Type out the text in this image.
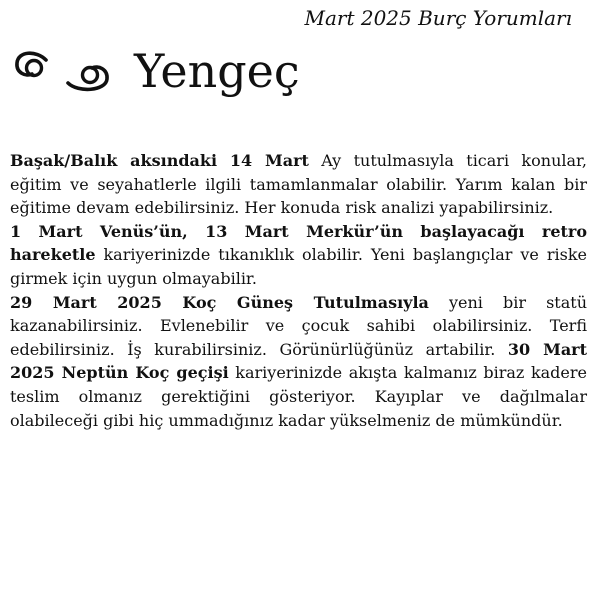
Mart 2025 Burç Yorumları
Yengeç

Başak/Balık aksındaki 14 Mart Ay tutulmasıyla ticari konular, eğitim ve seyahatlerle ilgili tamamlanmalar olabilir. Yarım kalan bir eğitime devam edebilirsiniz. Her konuda risk analizi yapabilirsiniz.

1 Mart Venüs’ün, 13 Mart Merkür’ün başlayacağı retro hareketle kariyerinizde tıkanıklık olabilir. Yeni başlangıçlar ve riske girmek için uygun olmayabilir.

29 Mart 2025 Koç Güneş Tutulmasıyla yeni bir statü kazanabilirsiniz. Evlenebilir ve çocuk sahibi olabilirsiniz. Terfi edebilirsiniz. İş kurabilirsiniz. Görünürlüğünüz artabilir. 30 Mart 2025 Neptün Koç geçişi kariyerinizde akışta kalmanız biraz kadere teslim olmanız gerektiğini gösteriyor. Kayıplar ve dağılmalar olabileceği gibi hiç ummadığınız kadar yükselmeniz de mümkündür.
